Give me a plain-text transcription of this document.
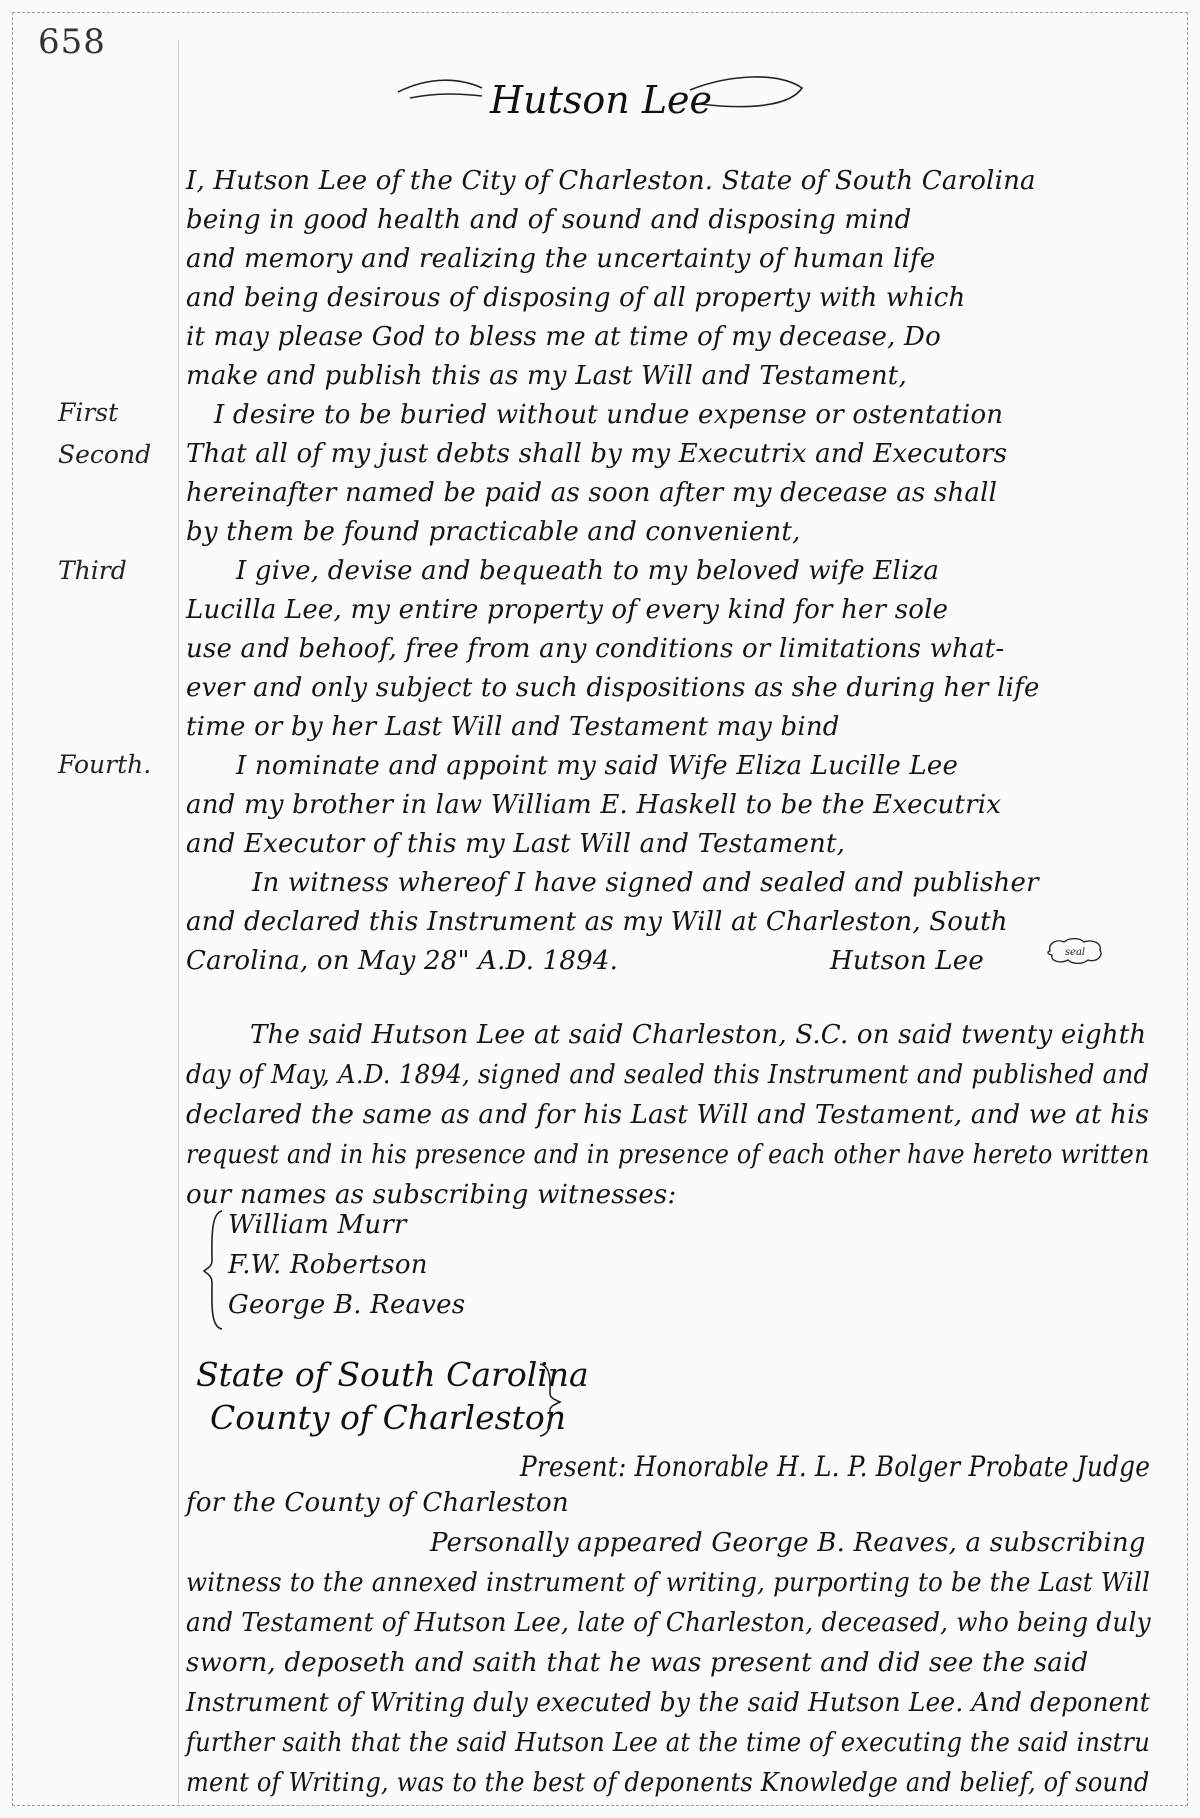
658
Hutson Lee
First
Second
Third
Fourth.
I, Hutson Lee of the City of Charleston. State of South Carolina
being in good health and of sound and disposing mind
and memory and realizing the uncertainty of human life
and being desirous of disposing of all property with which
it may please God to bless me at time of my decease, Do
make and publish this as my Last Will and Testament,
I desire to be buried without undue expense or ostentation
That all of my just debts shall by my Executrix and Executors
hereinafter named be paid as soon after my decease as shall
by them be found practicable and convenient,
I give, devise and bequeath to my beloved wife Eliza
Lucilla Lee, my entire property of every kind for her sole
use and behoof, free from any conditions or limitations what-
ever and only subject to such dispositions as she during her life
time or by her Last Will and Testament may bind
I nominate and appoint my said Wife Eliza Lucille Lee
and my brother in law William E. Haskell to be the Executrix
and Executor of this my Last Will and Testament,
In witness whereof I have signed and sealed and publisher
and declared this Instrument as my Will at Charleston, South
Carolina, on May 28" A.D. 1894.	Hutson Lee	seal
The said Hutson Lee at said Charleston, S.C. on said twenty eighth
day of May, A.D. 1894, signed and sealed this Instrument and published and
declared the same as and for his Last Will and Testament, and we at his
request and in his presence and in presence of each other have hereto written
our names as subscribing witnesses:
William Murr
F.W. Robertson
George B. Reaves
State of South Carolina
County of Charleston
Present: Honorable H. L. P. Bolger Probate Judge
for the County of Charleston
Personally appeared George B. Reaves, a subscribing
witness to the annexed instrument of writing, purporting to be the Last Will
and Testament of Hutson Lee, late of Charleston, deceased, who being duly
sworn, deposeth and saith that he was present and did see the said
Instrument of Writing duly executed by the said Hutson Lee. And deponent
further saith that the said Hutson Lee at the time of executing the said instru
ment of Writing, was to the best of deponents Knowledge and belief, of sound
